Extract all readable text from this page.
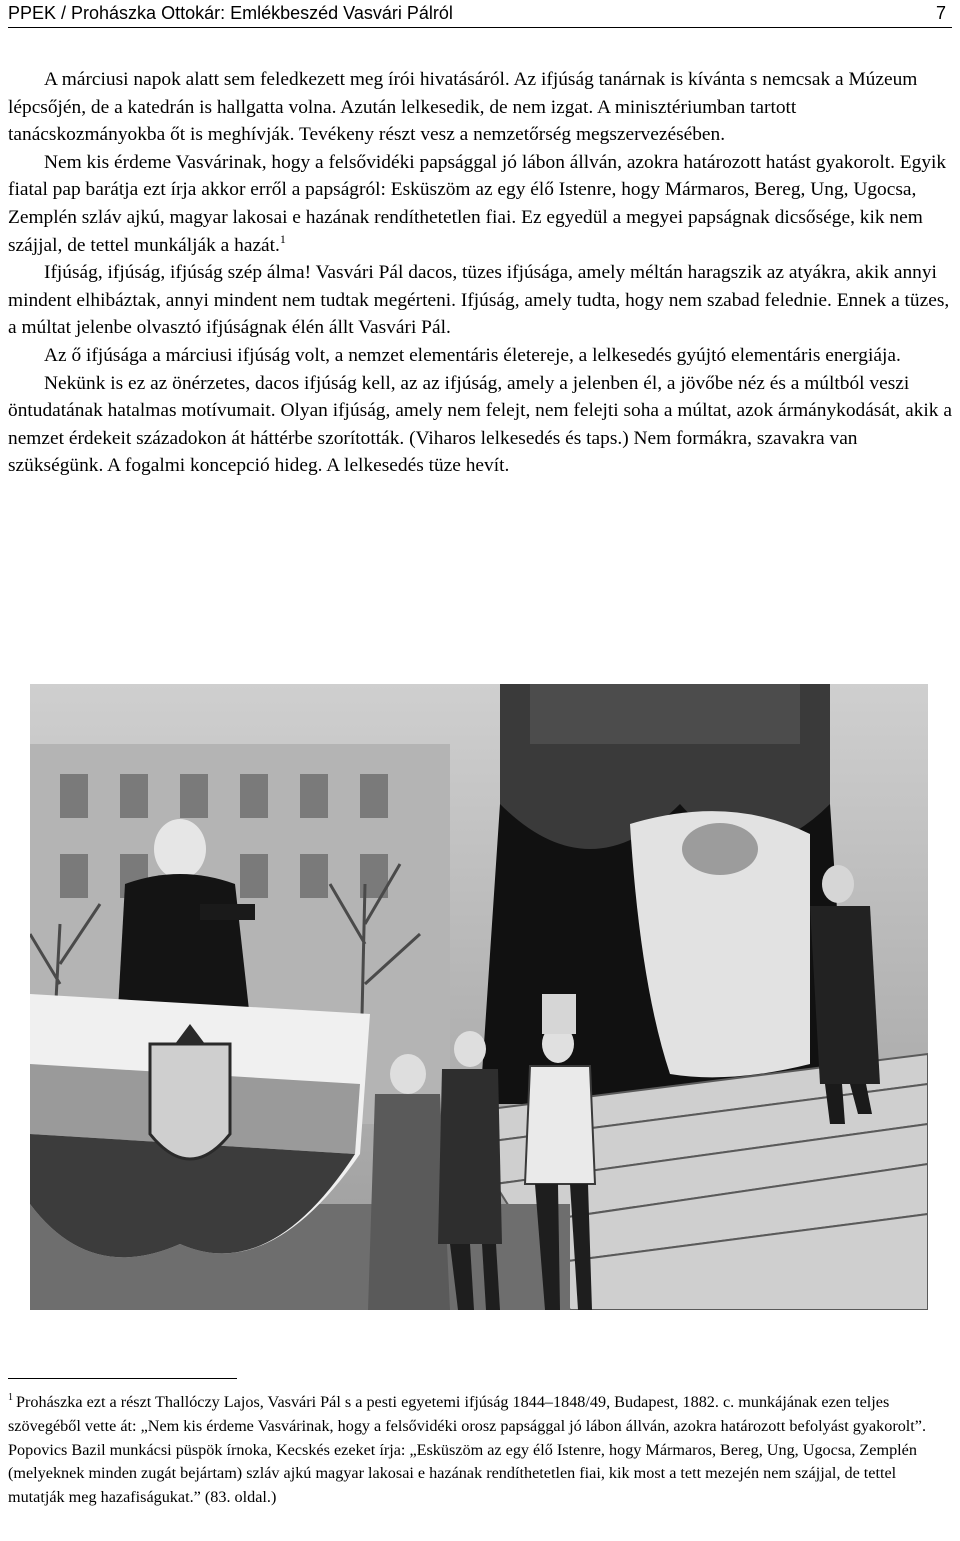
PPEK / Prohászka Ottokár: Emlékbeszéd Vasvári Pálról	7

A márciusi napok alatt sem feledkezett meg írói hivatásáról. Az ifjúság tanárnak is kívánta s nemcsak a Múzeum lépcsőjén, de a katedrán is hallgatta volna. Azután lelkesedik, de nem izgat. A minisztériumban tartott tanácskozmányokba őt is meghívják. Tevékeny részt vesz a nemzetőrség megszervezésében.

Nem kis érdeme Vasvárinak, hogy a felsővidéki papsággal jó lábon állván, azokra határozott hatást gyakorolt. Egyik fiatal pap barátja ezt írja akkor erről a papságról: Esküszöm az egy élő Istenre, hogy Mármaros, Bereg, Ung, Ugocsa, Zemplén szláv ajkú, magyar lakosai e hazának rendíthetetlen fiai. Ez egyedül a megyei papságnak dicsősége, kik nem szájjal, de tettel munkálják a hazát.$^1$

Ifjúság, ifjúság, ifjúság szép álma! Vasvári Pál dacos, tüzes ifjúsága, amely méltán haragszik az atyákra, akik annyi mindent elhibáztak, annyi mindent nem tudtak megérteni. Ifjúság, amely tudta, hogy nem szabad felednie. Ennek a tüzes, a múltat jelenbe olvasztó ifjúságnak élén állt Vasvári Pál.

Az ő ifjúsága a márciusi ifjúság volt, a nemzet elementáris életereje, a lelkesedés gyújtó elementáris energiája.

Nekünk is ez az önérzetes, dacos ifjúság kell, az az ifjúság, amely a jelenben él, a jövőbe néz és a múltból veszi öntudatának hatalmas motívumait. Olyan ifjúság, amely nem felejt, nem felejti soha a múltat, azok ármánykodását, akik a nemzet érdekeit századokon át háttérbe szorították. (Viharos lelkesedés és taps.) Nem formákra, szavakra van szükségünk. A fogalmi koncepció hideg. A lelkesedés tüze hevít.

$^1$ Prohászka ezt a részt Thallóczy Lajos, Vasvári Pál s a pesti egyetemi ifjúság 1844–1848/49, Budapest, 1882. c. munkájának ezen teljes szövegéből vette át: „Nem kis érdeme Vasvárinak, hogy a felsővidéki orosz papsággal jó lábon állván, azokra határozott befolyást gyakorolt”. Popovics Bazil munkácsi püspök írnoka, Kecskés ezeket írja: „Esküszöm az egy élő Istenre, hogy Mármaros, Bereg, Ung, Ugocsa, Zemplén (melyeknek minden zugát bejártam) szláv ajkú magyar lakosai e hazának rendíthetetlen fiai, kik most a tett mezején nem szájjal, de tettel mutatják meg hazafiságukat.” (83. oldal.)
